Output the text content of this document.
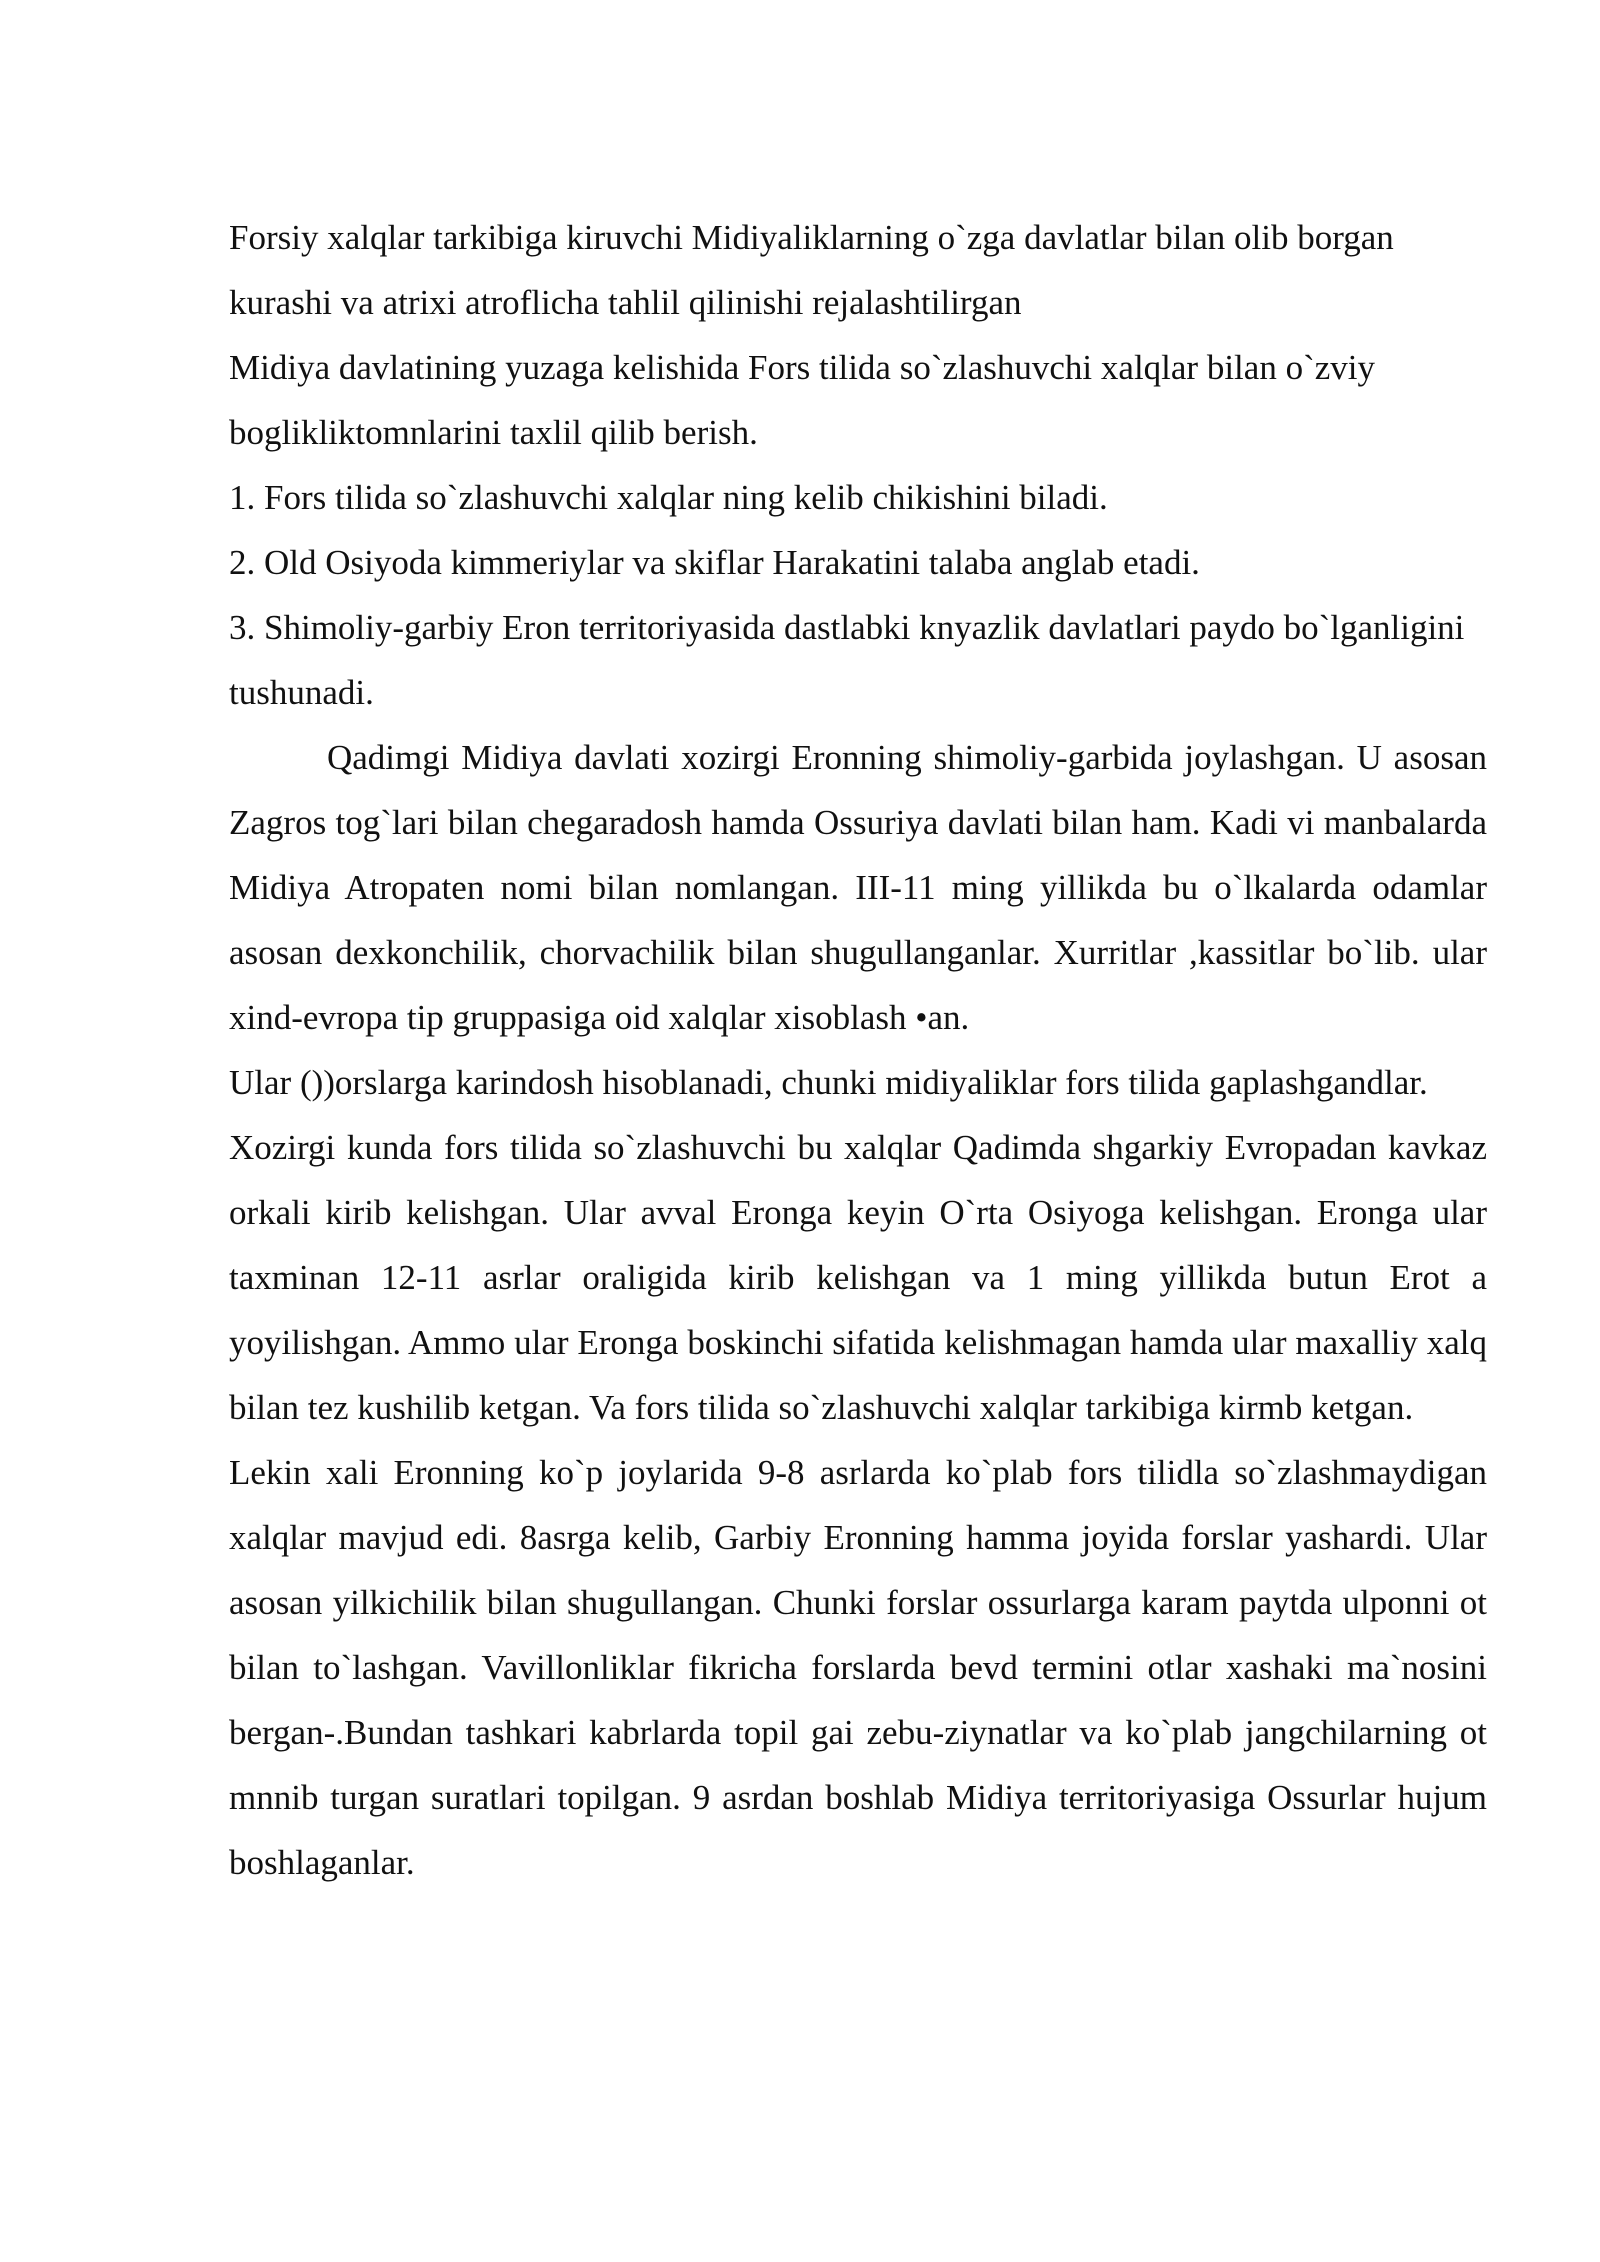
Forsiy xalqlar tarkibiga kiruvchi Midiyaliklarning o`zga davlatlar bilan olib borgan kurashi va atrixi atroflicha tahlil qilinishi rejalashtilirgan

Midiya davlatining yuzaga kelishida Fors tilida so`zlashuvchi xalqlar bilan o`zviy boglikliktomnlarini taxlil qilib berish.

1. Fors tilida so`zlashuvchi xalqlar ning kelib chikishini biladi.

2. Old Osiyoda kimmeriylar va skiflar Harakatini talaba anglab etadi.

3. Shimoliy-garbiy Eron territoriyasida dastlabki knyazlik davlatlari paydo bo`lganligini tushunadi.

Qadimgi Midiya davlati xozirgi Eronning shimoliy-garbida joylashgan. U asosan Zagros tog`lari bilan chegaradosh hamda Ossuriya davlati bilan ham. Kadi vi manbalarda Midiya Atropaten nomi bilan nomlangan. III-11 ming yillikda bu o`lkalarda odamlar asosan dexkonchilik, chorvachilik bilan shugullanganlar. Xurritlar ,kassitlar bo`lib. ular xind-evropa tip gruppasiga oid xalqlar xisoblash •an.

Ular ())orslarga karindosh hisoblanadi, chunki midiyaliklar fors tilida gaplashgandlar.

Xozirgi kunda fors tilida so`zlashuvchi bu xalqlar Qadimda shgarkiy Evropadan kavkaz orkali kirib kelishgan. Ular avval Eronga keyin O`rta Osiyoga kelishgan. Eronga ular taxminan 12-11 asrlar oraligida kirib kelishgan va 1 ming yillikda butun Erot a yoyilishgan. Ammo ular Eronga boskinchi sifatida kelishmagan hamda ular maxalliy xalq bilan tez kushilib ketgan. Va fors tilida so`zlashuvchi xalqlar tarkibiga kirmb ketgan.

Lekin xali Eronning ko`p joylarida 9-8 asrlarda ko`plab fors tilidla so`zlashmaydigan xalqlar mavjud edi. 8asrga kelib, Garbiy Eronning hamma joyida forslar yashardi. Ular asosan yilkichilik bilan shugullangan. Chunki forslar ossurlarga karam paytda ulponni ot bilan to`lashgan. Vavillonliklar fikricha forslarda bevd termini otlar xashaki ma`nosini bergan-.Bundan tashkari kabrlarda topil gai zebu-ziynatlar va ko`plab jangchilarning ot mnnib turgan suratlari topilgan. 9 asrdan boshlab Midiya territoriyasiga Ossurlar hujum boshlaganlar.
